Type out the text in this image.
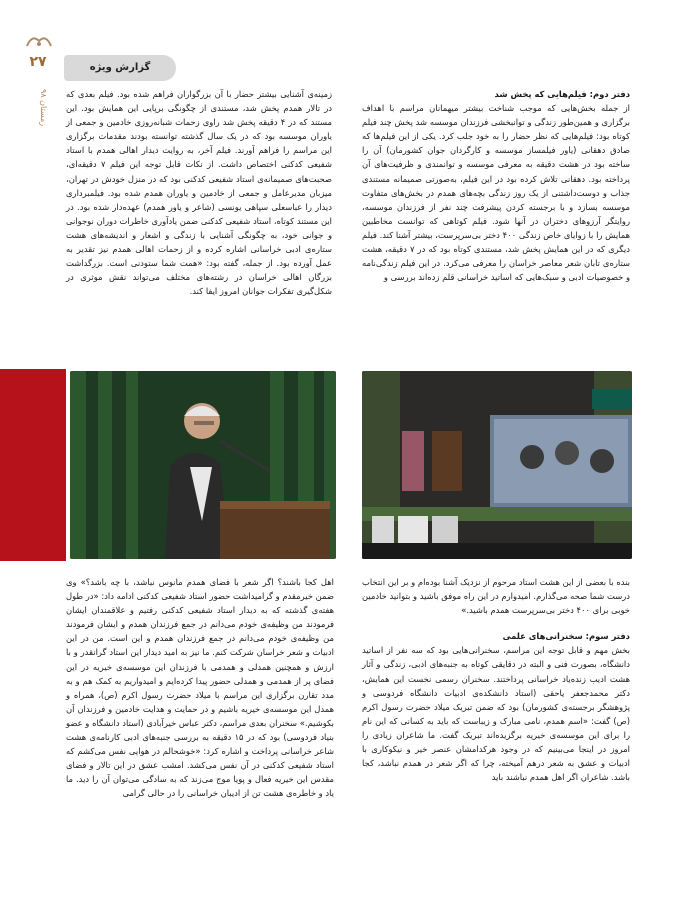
گزارش ویژه
۲۷
زمستان ۹۸
دفتر دوم: فیلم‌هایی که پخش شد

از جمله بخش‌هایی که موجب شناخت بیشتر میهمانان مراسم با اهداف برگزاری و همین‌طور زندگی و توانبخشی فرزندان موسسه شد پخش چند فیلم کوتاه بود: فیلم‌هایی که نظر حضار را به خود جلب کرد. یکی از این فیلم‌ها که صادق دهقانی (یاور فیلمساز موسسه و کارگردان جوان کشورمان) آن را ساخته بود در هشت دقیقه به معرفی موسسه و توانمندی و ظرفیت‌های آن پرداخته بود. دهقانی تلاش کرده بود در این فیلم، به‌صورتی صمیمانه مستندی جذاب و دوست‌داشتنی از یک روز زندگی بچه‌های همدم در بخش‌های متفاوت موسسه بسازد و با برجسته کردن پیشرفت چند نفر از فرزندان موسسه، روایتگر آرزوهای دختران در آنها شود. فیلم کوتاهی که توانست مخاطبین همایش را با زوایای خاص زندگی ۴۰۰ دختر بی‌سرپرست، بیشتر آشنا کند. فیلم دیگری که در این همایش پخش شد، مستندی کوتاه بود که در ۷ دقیقه، هشت ستاره‌ی تابان شعر معاصر خراسان را معرفی می‌کرد. در این فیلم زندگی‌نامه و خصوصیات ادبی و سبک‌هایی که اساتید خراسانی قلم زده‌اند بررسی و

زمینه‌ی آشنایی بیشتر حضار با آن بزرگواران فراهم شده بود. فیلم بعدی که در تالار همدم پخش شد، مستندی از چگونگی برپایی این همایش بود. این مستند که در ۴ دقیقه پخش شد راوی زحمات شبانه‌روزی خادمین و جمعی از یاوران موسسه بود که در یک سال گذشته توانسته بودند مقدمات برگزاری این مراسم را فراهم آورند. فیلم آخر، به روایت دیدار اهالی همدم با استاد شفیعی کدکنی اختصاص داشت. از نکات قابل توجه این فیلم ۷ دقیقه‌ای، صحبت‌های صمیمانه‌ی استاد شفیعی کدکنی بود که در منزل خودش در تهران، میزبان مدیرعامل و جمعی از خادمین و یاوران همدم شده بود. فیلمبرداری دیدار را عباسعلی سپاهی یونسی (شاعر و یاور همدم) عهده‌دار شده بود. در این مستند کوتاه، استاد شفیعی کدکنی ضمن یادآوری خاطرات دوران نوجوانی و جوانی خود، به چگونگی آشنایی با زندگی و اشعار و اندیشه‌های هشت ستاره‌ی ادبی خراسانی اشاره کرده و از زحمات اهالی همدم نیز تقدیر به عمل آورده بود. از جمله، گفته بود: «همت شما ستودنی است. بزرگداشت بزرگان اهالی خراسان در رشته‌های مختلف می‌تواند نقش موثری در شکل‌گیری تفکرات جوانان امروز ایفا کند.

بنده با بعضی از این هشت استاد مرحوم از نزدیک آشنا بوده‌ام و بر این انتخاب درست شما صحه می‌گذارم. امیدوارم در این راه موفق باشید و بتوانید خادمین خوبی برای ۴۰۰ دختر بی‌سرپرست همدم باشید.»

دفتر سوم: سخنرانی‌های علمی

بخش مهم و قابل توجه این مراسم، سخنرانی‌هایی بود که سه نفر از اساتید دانشگاه، بصورت فنی و البته در دقایقی کوتاه به جنبه‌های ادبی، زندگی و آثار هشت ادیب زنده‌یاد خراسانی پرداختند. سخنران رسمی نخست این همایش، دکتر محمدجعفر یاحقی (استاد دانشکده‌ی ادبیات دانشگاه فردوسی و پژوهشگر برجسته‌ی کشورمان) بود که ضمن تبریک میلاد حضرت رسول اکرم (ص) گفت: «اسم همدم، نامی مبارک و زیباست که باید به کسانی که این نام را برای این موسسه‌ی خیریه برگزیده‌اند تبریک گفت. ما شاعران زیادی را امروز در اینجا می‌بینیم که در وجود هرکدامشان عنصر خیر و نیکوکاری با ادبیات و عشق به شعر درهم آمیخته، چرا که اگر شعر در همدم نباشد، کجا باشد. شاعران اگر اهل همدم نباشند باید

اهل کجا باشند؟ اگر شعر با فضای همدم مانوس نباشد، با چه باشد؟» وی ضمن خیرمقدم و گرامیداشت حضور استاد شفیعی کدکنی ادامه داد: «در طول هفته‌ی گذشته که به دیدار استاد شفیعی کدکنی رفتیم و علاقمندان ایشان فرمودند من وظیفه‌ی خودم می‌دانم در جمع فرزندان همدم و ایشان فرمودند من وظیفه‌ی خودم می‌دانم در جمع فرزندان همدم و این است. من در این ادبیات و شعر خراسان شرکت کنم. ما نیز به امید دیدار این استاد گرانقدر و با ارزش و همچنین همدلی و همدمی با فرزندان این موسسه‌ی خیریه در این فضای پر از همدمی و همدلی حضور پیدا کرده‌ایم و امیدواریم به کمک هم و به مدد تقارن برگزاری این مراسم با میلاد حضرت رسول اکرم (ص)، همراه و همدل این موسسه‌ی خیریه باشیم و در حمایت و هدایت خادمین و فرزندان آن بکوشیم.» سخنران بعدی مراسم، دکتر عباس خیرآبادی (استاد دانشگاه و عضو بنیاد فردوسی) بود که در ۱۵ دقیقه به بررسی جنبه‌های ادبی کارنامه‌ی هشت شاعر خراسانی پرداخت و اشاره کرد: «خوشحالم در هوایی نفس می‌کشم که استاد شفیعی کدکنی در آن نفس می‌کشد. امشب عشق در این تالار و فضای مقدس این خیریه فعال و پویا موج می‌زند که به سادگی می‌توان آن را دید. ما یاد و خاطره‌ی هشت تن از ادیبان خراسانی را در حالی گرامی
